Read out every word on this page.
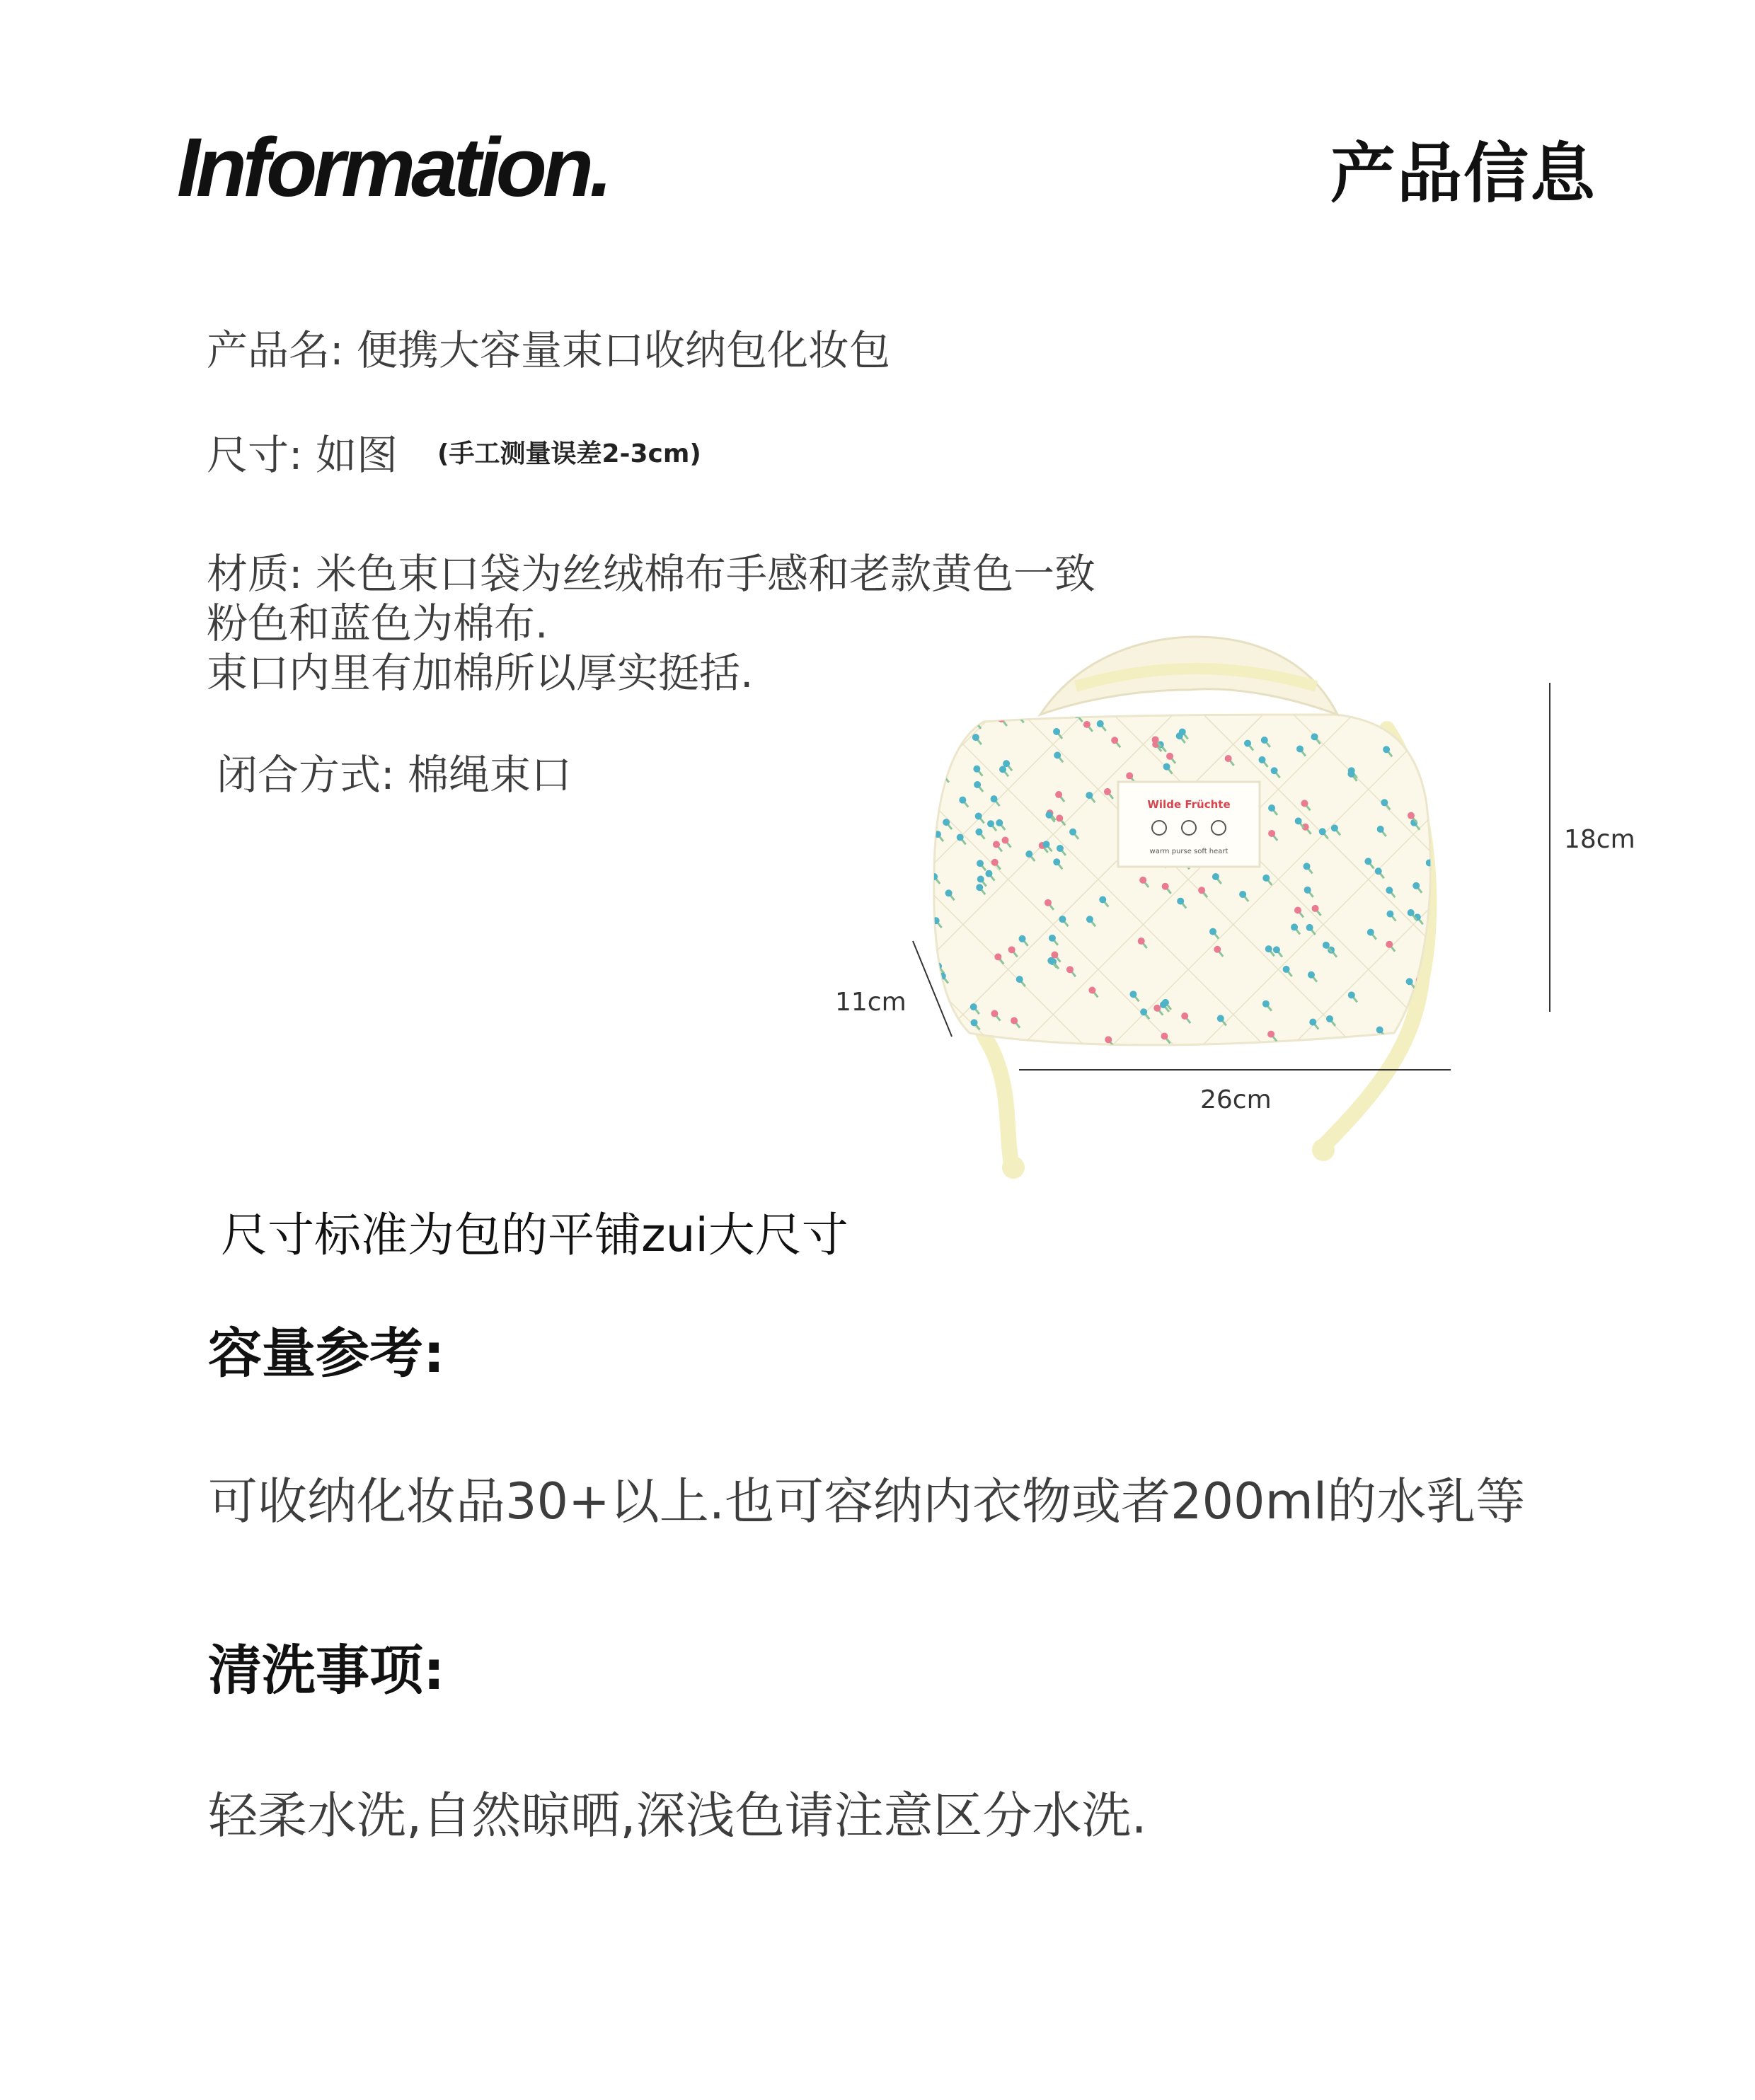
Information.	产品信息
产品名: 便携大容量束口收纳包化妆包
尺寸: 如图 (手工测量误差2-3cm)
材质: 米色束口袋为丝绒棉布手感和老款黄色一致
粉色和蓝色为棉布.
束口内里有加棉所以厚实挺括.
闭合方式: 棉绳束口
Wilde Früchte
warm purse soft heart	18cm
11cm
26cm
尺寸标准为包的平铺zui大尺寸
容量参考:
可收纳化妆品30+以上.也可容纳内衣物或者200ml的水乳等
清洗事项:
轻柔水洗,自然晾晒,深浅色请注意区分水洗.
